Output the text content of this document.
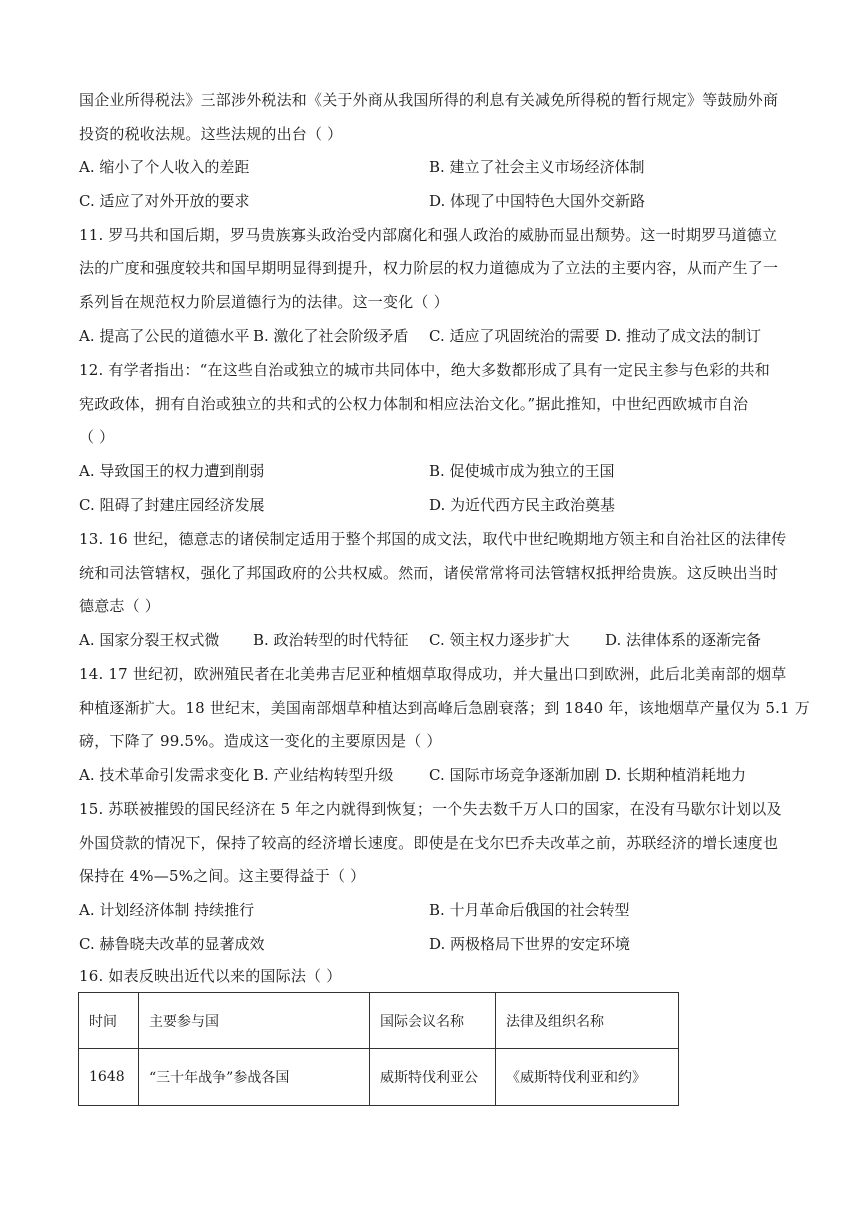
国企业所得税法》三部涉外税法和《关于外商从我国所得的利息有关减免所得税的暂行规定》等鼓励外商
投资的税收法规。这些法规的出台（ ）
A. 缩小了个人收入的差距	B. 建立了社会主义市场经济体制
C. 适应了对外开放的要求	D. 体现了中国特色大国外交新路
11. 罗马共和国后期，罗马贵族寡头政治受内部腐化和强人政治的威胁而显出颓势。这一时期罗马道德立
法的广度和强度较共和国早期明显得到提升，权力阶层的权力道德成为了立法的主要内容，从而产生了一
系列旨在规范权力阶层道德行为的法律。这一变化（ ）
A. 提高了公民的道德水平 B. 激化了社会阶级矛盾 C. 适应了巩固统治的需要 D. 推动了成文法的制订
12. 有学者指出：“在这些自治或独立的城市共同体中，绝大多数都形成了具有一定民主参与色彩的共和
宪政政体，拥有自治或独立的共和式的公权力体制和相应法治文化。”据此推知，中世纪西欧城市自治
（ ）
A. 导致国王的权力遭到削弱	B. 促使城市成为独立的王国
C. 阻碍了封建庄园经济发展	D. 为近代西方民主政治奠基
13. 16 世纪，德意志的诸侯制定适用于整个邦国的成文法，取代中世纪晚期地方领主和自治社区的法律传
统和司法管辖权，强化了邦国政府的公共权威。然而，诸侯常常将司法管辖权抵押给贵族。这反映出当时
德意志（ ）
A. 国家分裂王权式微 B. 政治转型的时代特征 C. 领主权力逐步扩大 D. 法律体系的逐渐完备
14. 17 世纪初，欧洲殖民者在北美弗吉尼亚种植烟草取得成功，并大量出口到欧洲，此后北美南部的烟草
种植逐渐扩大。18 世纪末，美国南部烟草种植达到高峰后急剧衰落；到 1840 年，该地烟草产量仅为 5.1 万
磅，下降了 99.5%。造成这一变化的主要原因是（ ）
A. 技术革命引发需求变化 B. 产业结构转型升级 C. 国际市场竞争逐渐加剧 D. 长期种植消耗地力
15. 苏联被摧毁的国民经济在 5 年之内就得到恢复；一个失去数千万人口的国家，在没有马歇尔计划以及
外国贷款的情况下，保持了较高的经济增长速度。即使是在戈尔巴乔夫改革之前，苏联经济的增长速度也
保持在 4%—5%之间。这主要得益于（ ）
A. 计划经济体制 持续推行	B. 十月革命后俄国的社会转型
C. 赫鲁晓夫改革的显著成效	D. 两极格局下世界的安定环境
16. 如表反映出近代以来的国际法（ ）
时间	主要参与国	国际会议名称	法律及组织名称
1648	“三十年战争”参战各国	威斯特伐利亚公	《威斯特伐利亚和约》
